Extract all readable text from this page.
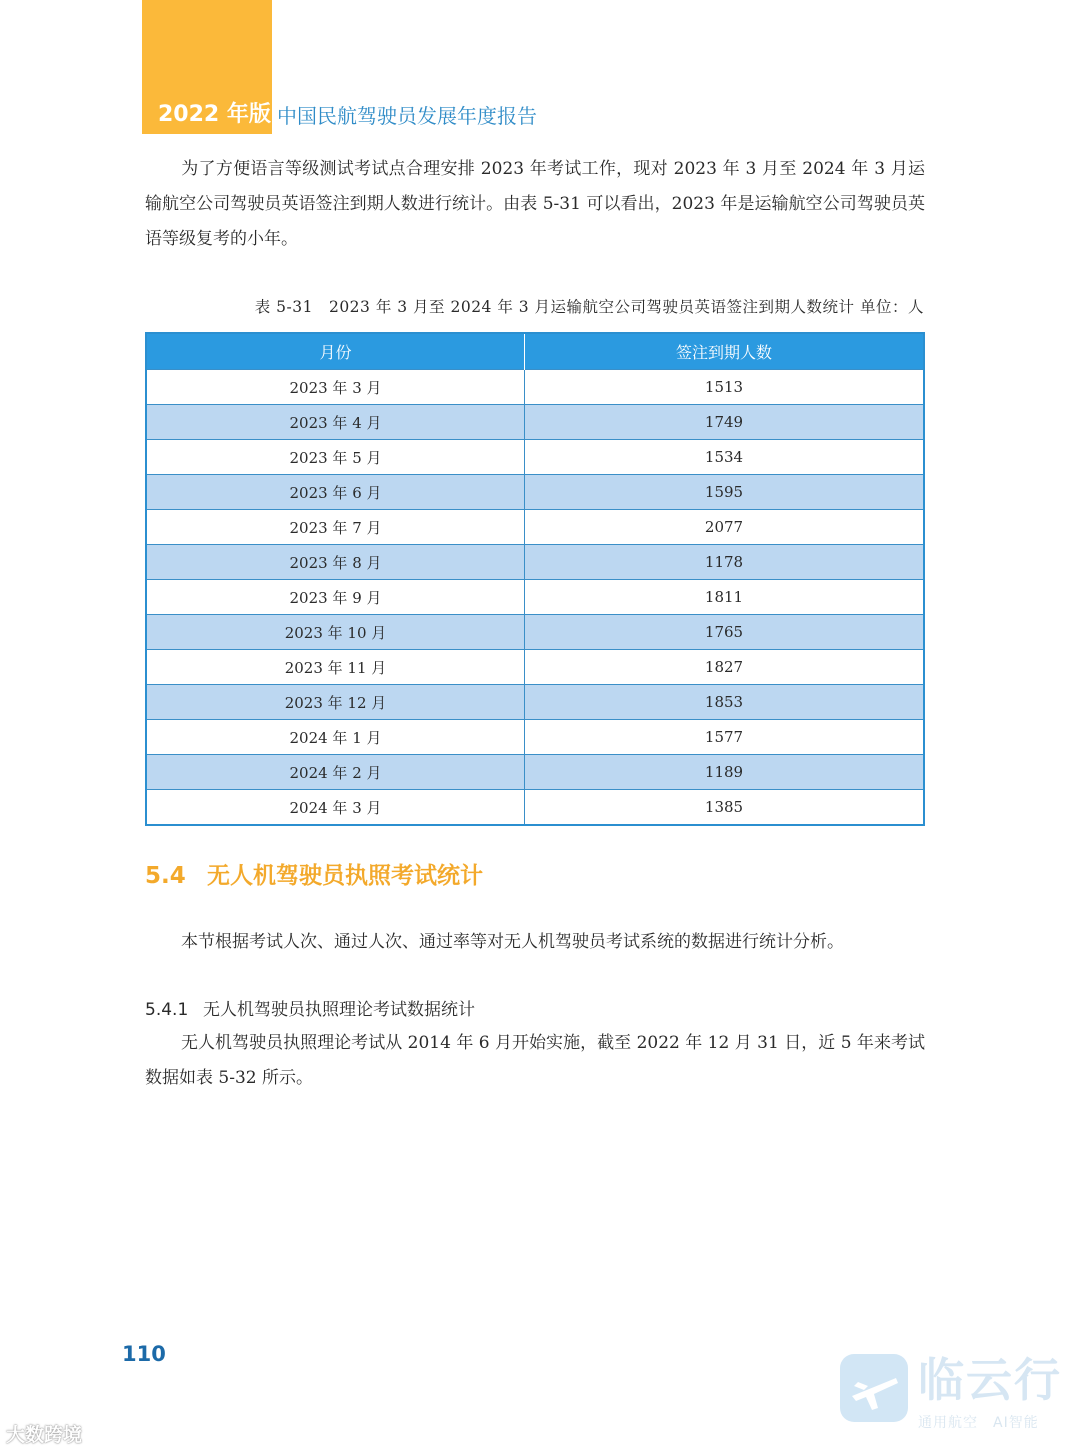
2022 年版 中国民航驾驶员发展年度报告

为了方便语言等级测试考试点合理安排 2023 年考试工作，现对 2023 年 3 月至 2024 年 3 月运输航空公司驾驶员英语签注到期人数进行统计。由表 5-31 可以看出，2023 年是运输航空公司驾驶员英语等级复考的小年。

表 5-31　2023 年 3 月至 2024 年 3 月运输航空公司驾驶员英语签注到期人数统计 单位：人
月份	签注到期人数
2023 年 3 月	1513
2023 年 4 月	1749
2023 年 5 月	1534
2023 年 6 月	1595
2023 年 7 月	2077
2023 年 8 月	1178
2023 年 9 月	1811
2023 年 10 月	1765
2023 年 11 月	1827
2023 年 12 月	1853
2024 年 1 月	1577
2024 年 2 月	1189
2024 年 3 月	1385
5.4 无人机驾驶员执照考试统计

本节根据考试人次、通过人次、通过率等对无人机驾驶员考试系统的数据进行统计分析。

5.4.1 无人机驾驶员执照理论考试数据统计

无人机驾驶员执照理论考试从 2014 年 6 月开始实施，截至 2022 年 12 月 31 日，近 5 年来考试数据如表 5-32 所示。

110
大数跨境
临云行
通用航空　AI智能
